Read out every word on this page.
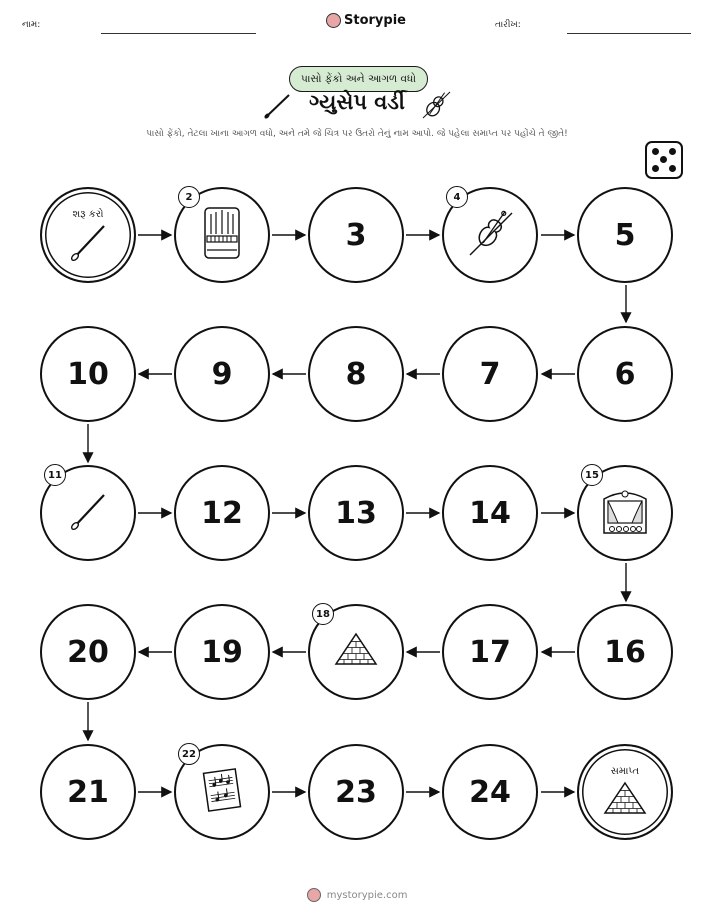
નામ:	Storypie	તારીખ:
પાસો ફેંકો અને આગળ વધો
ગ્યુસેપ વર્ડી
પાસો ફેંકો, તેટલા ખાના આગળ વધો, અને તમે જે ચિત્ર પર ઉતરો તેનું નામ આપો. જે પહેલા સમાપ્ત પર પહોંચે તે જીતે!
શરૂ કરો
2
3
4
5
6
7
8
9
10
11
12	13	14
15
16
17
18
19
20
21
22
23	24
સમાપ્ત
mystorypie.com
